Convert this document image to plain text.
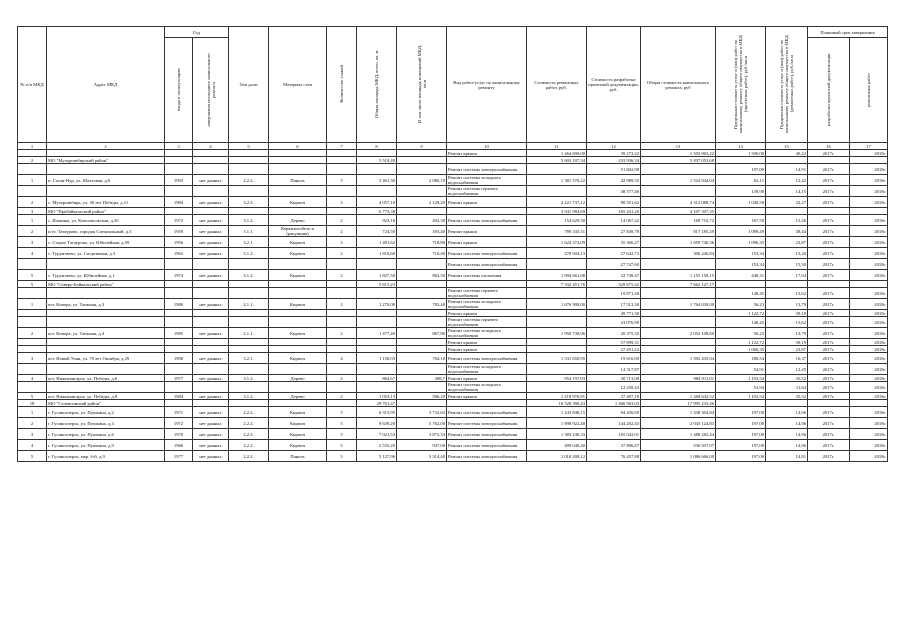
№ п/п МКД	Адрес МКД	Год		Тип доли	Материал стен	Количество этажей	Общая площадь МКД, всего, кв. м	В том числе площадь помещений МКД, кв.м	Вид работ/услуг по капитальному ремонту	Стоимость ремонтных работ, руб.	Стоимость разработки проектной документации, руб.	Общая стоимость капитального ремонта, руб	Предельная стоимость услуг и (или) работ по капитальному ремонту общего имущества в МКД (проектных работ), руб./кв.м	Предельная стоимость услуг и (или) работ по капитальному ремонту общего имущества в МКД (ремонтных работ), руб./кв.м	Плановый срок завершения	
		ввода в эксплуатацию	завершения последнего капитального ремонта												разработки проектной документации	ремонтных работ
1	2	3	4	5	6	7	8	9	10	11	12	13	14	15	16	17
									Ремонт крыши	1 464 690,00	39 273,22	1 503 963,22	1 500,00	40,22	2017г.	2018г.
2	МО "Мухоршибирский район"						5 518,40			5 603 107,34	233 936,34	5 837 053,68				
									Ремонт системы электроснабжения		51 602,98		197,00	14,91	2017г.	2018г.
1	п. Саган-Нур, ул. Шахтовая, д.6	1993	нет данных	2.2.2.	Панель	5	3 461,30	2 080,10	Ремонт системы холодного водоснабжения	1 381 570,22	42 989,35	1 524 944,04	62,11	12,42	2017г.	2018г.
									Ремонт системы горячего водоснабжения		48 577,46		139,98	14,15	2017г.	2018г.
2	с. Мухоршибирь, ул. 30 лет Победы, д.11	1984	нет данных	3.2.2.	Кирпич	3	4 057,10	2 129,20	Ремонт крыши	4 221 737,12	90 351,62	4 312 088,74	1 040,58	22,27	2017г.	2018г.
3	МО "Прибайкальский район"						6 773,38			3 941 984,69	165 441,26	4 107 307,35				
1	с. Ильинка, ул. Комсомольская, д.2б	1972	нет данных	3.1.2.	Дерево	2	923,16	492,30	Ремонт системы электроснабжения	154 629,30	14 067,42	168 716,72	167,50	15,26	2017г.	2018г.
2	п/ст. Татаурово, городок Специальный, д.5	1959	нет данных	3.1.1.	Керамзитобето н (ракушняк)	2	724,50	393,40	Ремонт крыши	789 335,51	27 849,78	817 185,29	1 089,49	38,44	2017г.	2018г.
3	с. Старое Татаурово, ул. Юбилейная, д.59	1956	нет данных	3.2.1.	Кирпич	3	1 481,62	718,80	Ремонт крыши	1 624 374,09	35 366,27	1 659 740,36	1 096,35	23,87	2017г.	2018г.
4	с. Турунтаево, ул. Спортивная, д.3	1963	нет данных	3.1.2.	Кирпич	2	1 816,60	716,40	Ремонт системы электроснабжения	278 604,13	27 642,72	306 246,84	153,34	15,20	2017г.	2018г.
									Ремонт системы электроснабжения		27 747,60		153,34	15,30	2017г.	2018г.
5	с. Турунтаево, ул. Юбилейная, д.1	1974	нет данных	3.1.2.	Кирпич	2	1 827,50	863,50	Ремонт системы отопления	1 094 661,08	32 749,47	1 155 158,15	448,31	17,94	2017г.	2018г.
5	МО "Северо-Байкальский район"						5 815,23			7 332 451,76	329 675,42	7 662 127,17				
									Ремонт системы горячего водоснабжения		19 871,40		148,45	15,62	2017г.	2018г.
1	пгт. Кичера, ул. Таежная, д.3	1986	нет данных	2.1.1.	Кирпич	2	1 270,00	783,40	Ремонт системы холодного водоснабжения	1 676 908,00	17 513,30	1 764 030,00	56,23	13,79	2017г.	2018г.
									Ремонт крыши		49 771,30		1 122,72	39,19	2017г.	2018г.
									Ремонт системы горячего водоснабжения		23 076,99		148,45	15,62	2017г.	2018г.
2	пгт. Кичера, ул. Таежная, д.4	1985	нет данных	2.1.1.	Кирпич	2	1 477,40	867,80	Ремонт системы холодного водоснабжения	1 950 738,96	20 375,35	2 052 108,60	56,23	13,79	2017г.	2018г.
									Ремонт крыши		57 899,31		1 122,72	39,19	2017г.	2018г.
									Ремонт крыши		27 451,22		1 066,35	23,87	2017г.	2018г.
3	пгт. Новый Уоян, ул. 70 лет Октября, д.29	1990	нет данных	3.2.1.	Кирпич	4	1 150,03	764,10	Ремонт системы электроснабжения	1 531 650,95	19 616,00	1 592 435,04	180,54	16,37	2017г.	2018г.
									Ремонт системы холодного водоснабжения		14 317,87		54,91	12,45	2017г.	2018г.
4	пгт. Нижнеангарск, ул. Победы, д.6	1977	нет данных	3.1.2.	Дерево	2	864,67	498,7	Ремонт крыши	954 197,93	30 713,08	984 911,01	1 103,54	35,52	2017г.	2018г.
									Ремонт системы холодного водоснабжения		12 258,43		53,94	11,64	2017г.	2018г.
5	пгт. Нижнеангарск, ул. Победы, д.8	1984	нет данных	3.1.2.	Дерево	2	1 053,13	586,20	Ремонт крыши	1 218 976,91	37 407,18	1 268 642,52	1 103,54	35,52	2017г.	2018г.
18	МО "Селенгинский район"						29 761,47			16 528 390,43	1 466 963,03	17 995 233,46				
1	г. Гусиноозерск, ул. Пушкина, д.2	1971	нет данных	2.2.2.	Кирпич	5	6 315,95	3 732,62	Ремонт системы электроснабжения	1 243 848,15	94 456,69	1 338 304,84	197,00	14,96	2017г.	2018г.
2	г. Гусиноозерск, ул. Пушкина, д.4	1972	нет данных	2.2.2.	Кирпич	5	9 639,20	5 762,00	Ремонт системы электроснабжения	1 898 922,40	144 202,43	2 043 124,83	197,00	14,96	2017г.	2018г.
3	г. Гусиноозерск, ул. Пушкина, д.6	1970	нет данных	2.2.2.	Кирпич	5	7 021,53	3 872,33	Ремонт системы электроснабжения	1 383 240,33	105 042,01	1 488 282,44	197,00	14,96	2017г.	2018г.
4	г. Гусиноозерск, ул. Пушкина, д.9	1966	нет данных	2.2.2.	Кирпич	5	2 535,20	947,00	Ремонт системы электроснабжения	499 040,40	37 896,67	536 937,07	197,00	14,96	2017г.	2018г.
5	г. Гусиноозерск, мкр. 6-й, д.9	1977	нет данных	2.2.2.	Панель	5	5 127,96	3 314,40	Ремонт системы электроснабжения	1 010 208,12	76 457,88	1 086 666,00	197,00	14,91	2017г.	2018г.
